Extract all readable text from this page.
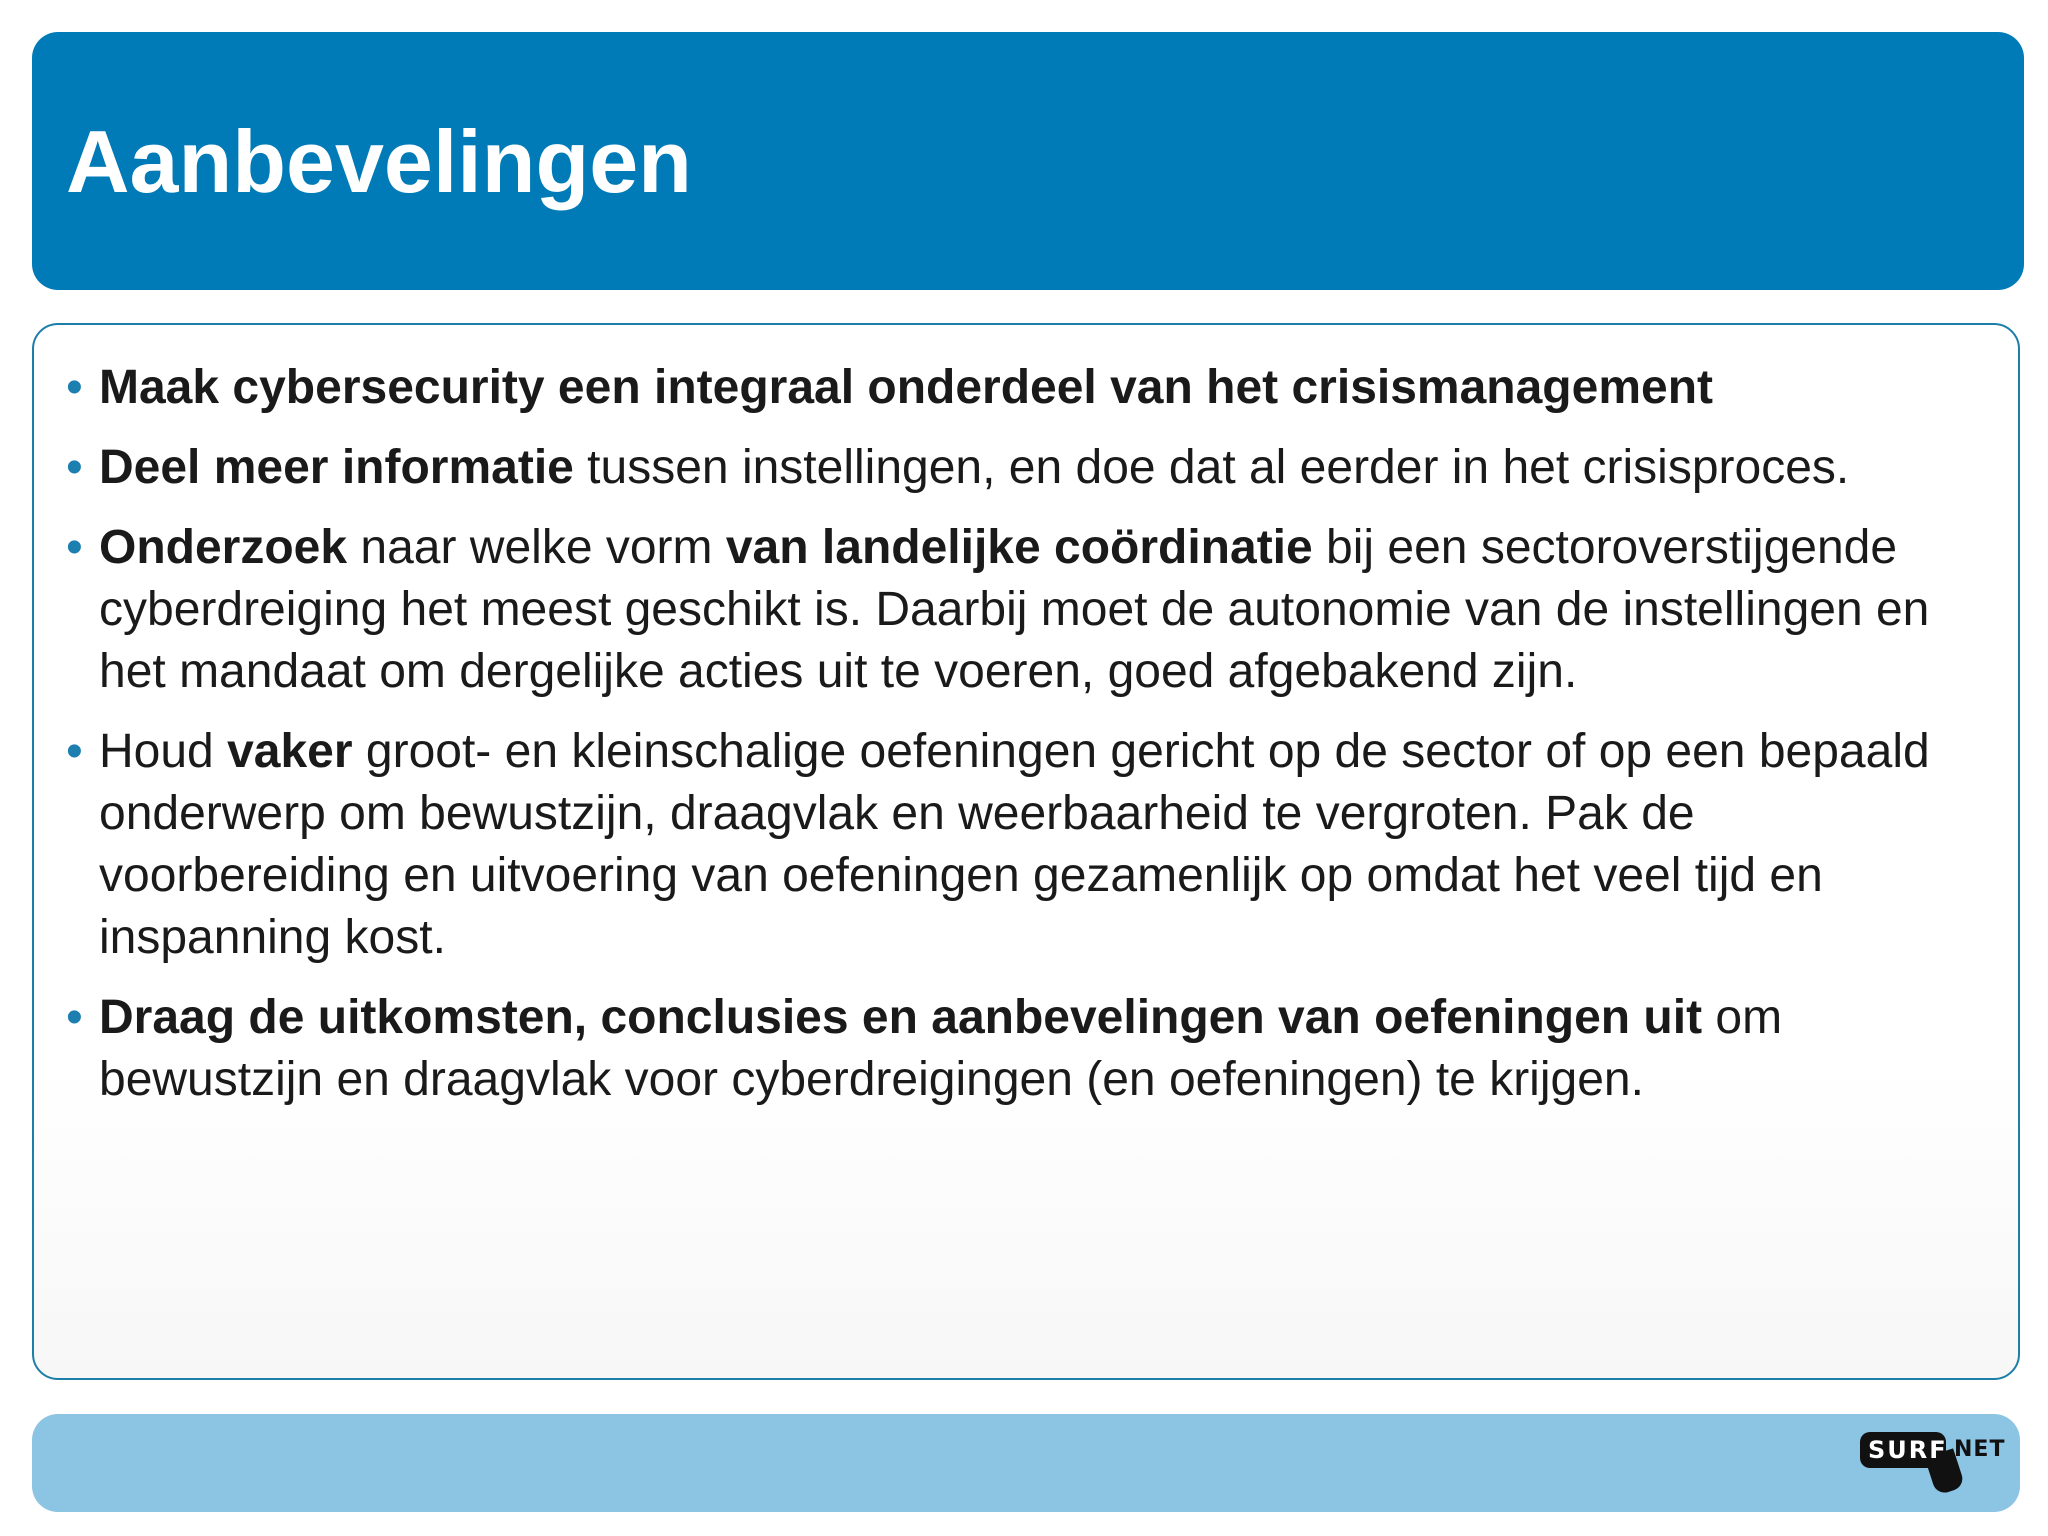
Aanbevelingen
• Maak cybersecurity een integraal onderdeel van het crisismanagement
• Deel meer informatie tussen instellingen, en doe dat al eerder in het crisisproces.
• Onderzoek naar welke vorm van landelijke coördinatie bij een sectoroverstijgende cyberdreiging het meest geschikt is. Daarbij moet de autonomie van de instellingen en het mandaat om dergelijke acties uit te voeren, goed afgebakend zijn.
• Houd vaker groot- en kleinschalige oefeningen gericht op de sector of op een bepaald onderwerp om bewustzijn, draagvlak en weerbaarheid te vergroten. Pak de voorbereiding en uitvoering van oefeningen gezamenlijk op omdat het veel tijd en inspanning kost.
• Draag de uitkomsten, conclusies en aanbevelingen van oefeningen uit om bewustzijn en draagvlak voor cyberdreigingen (en oefeningen) te krijgen.
SURF NET
